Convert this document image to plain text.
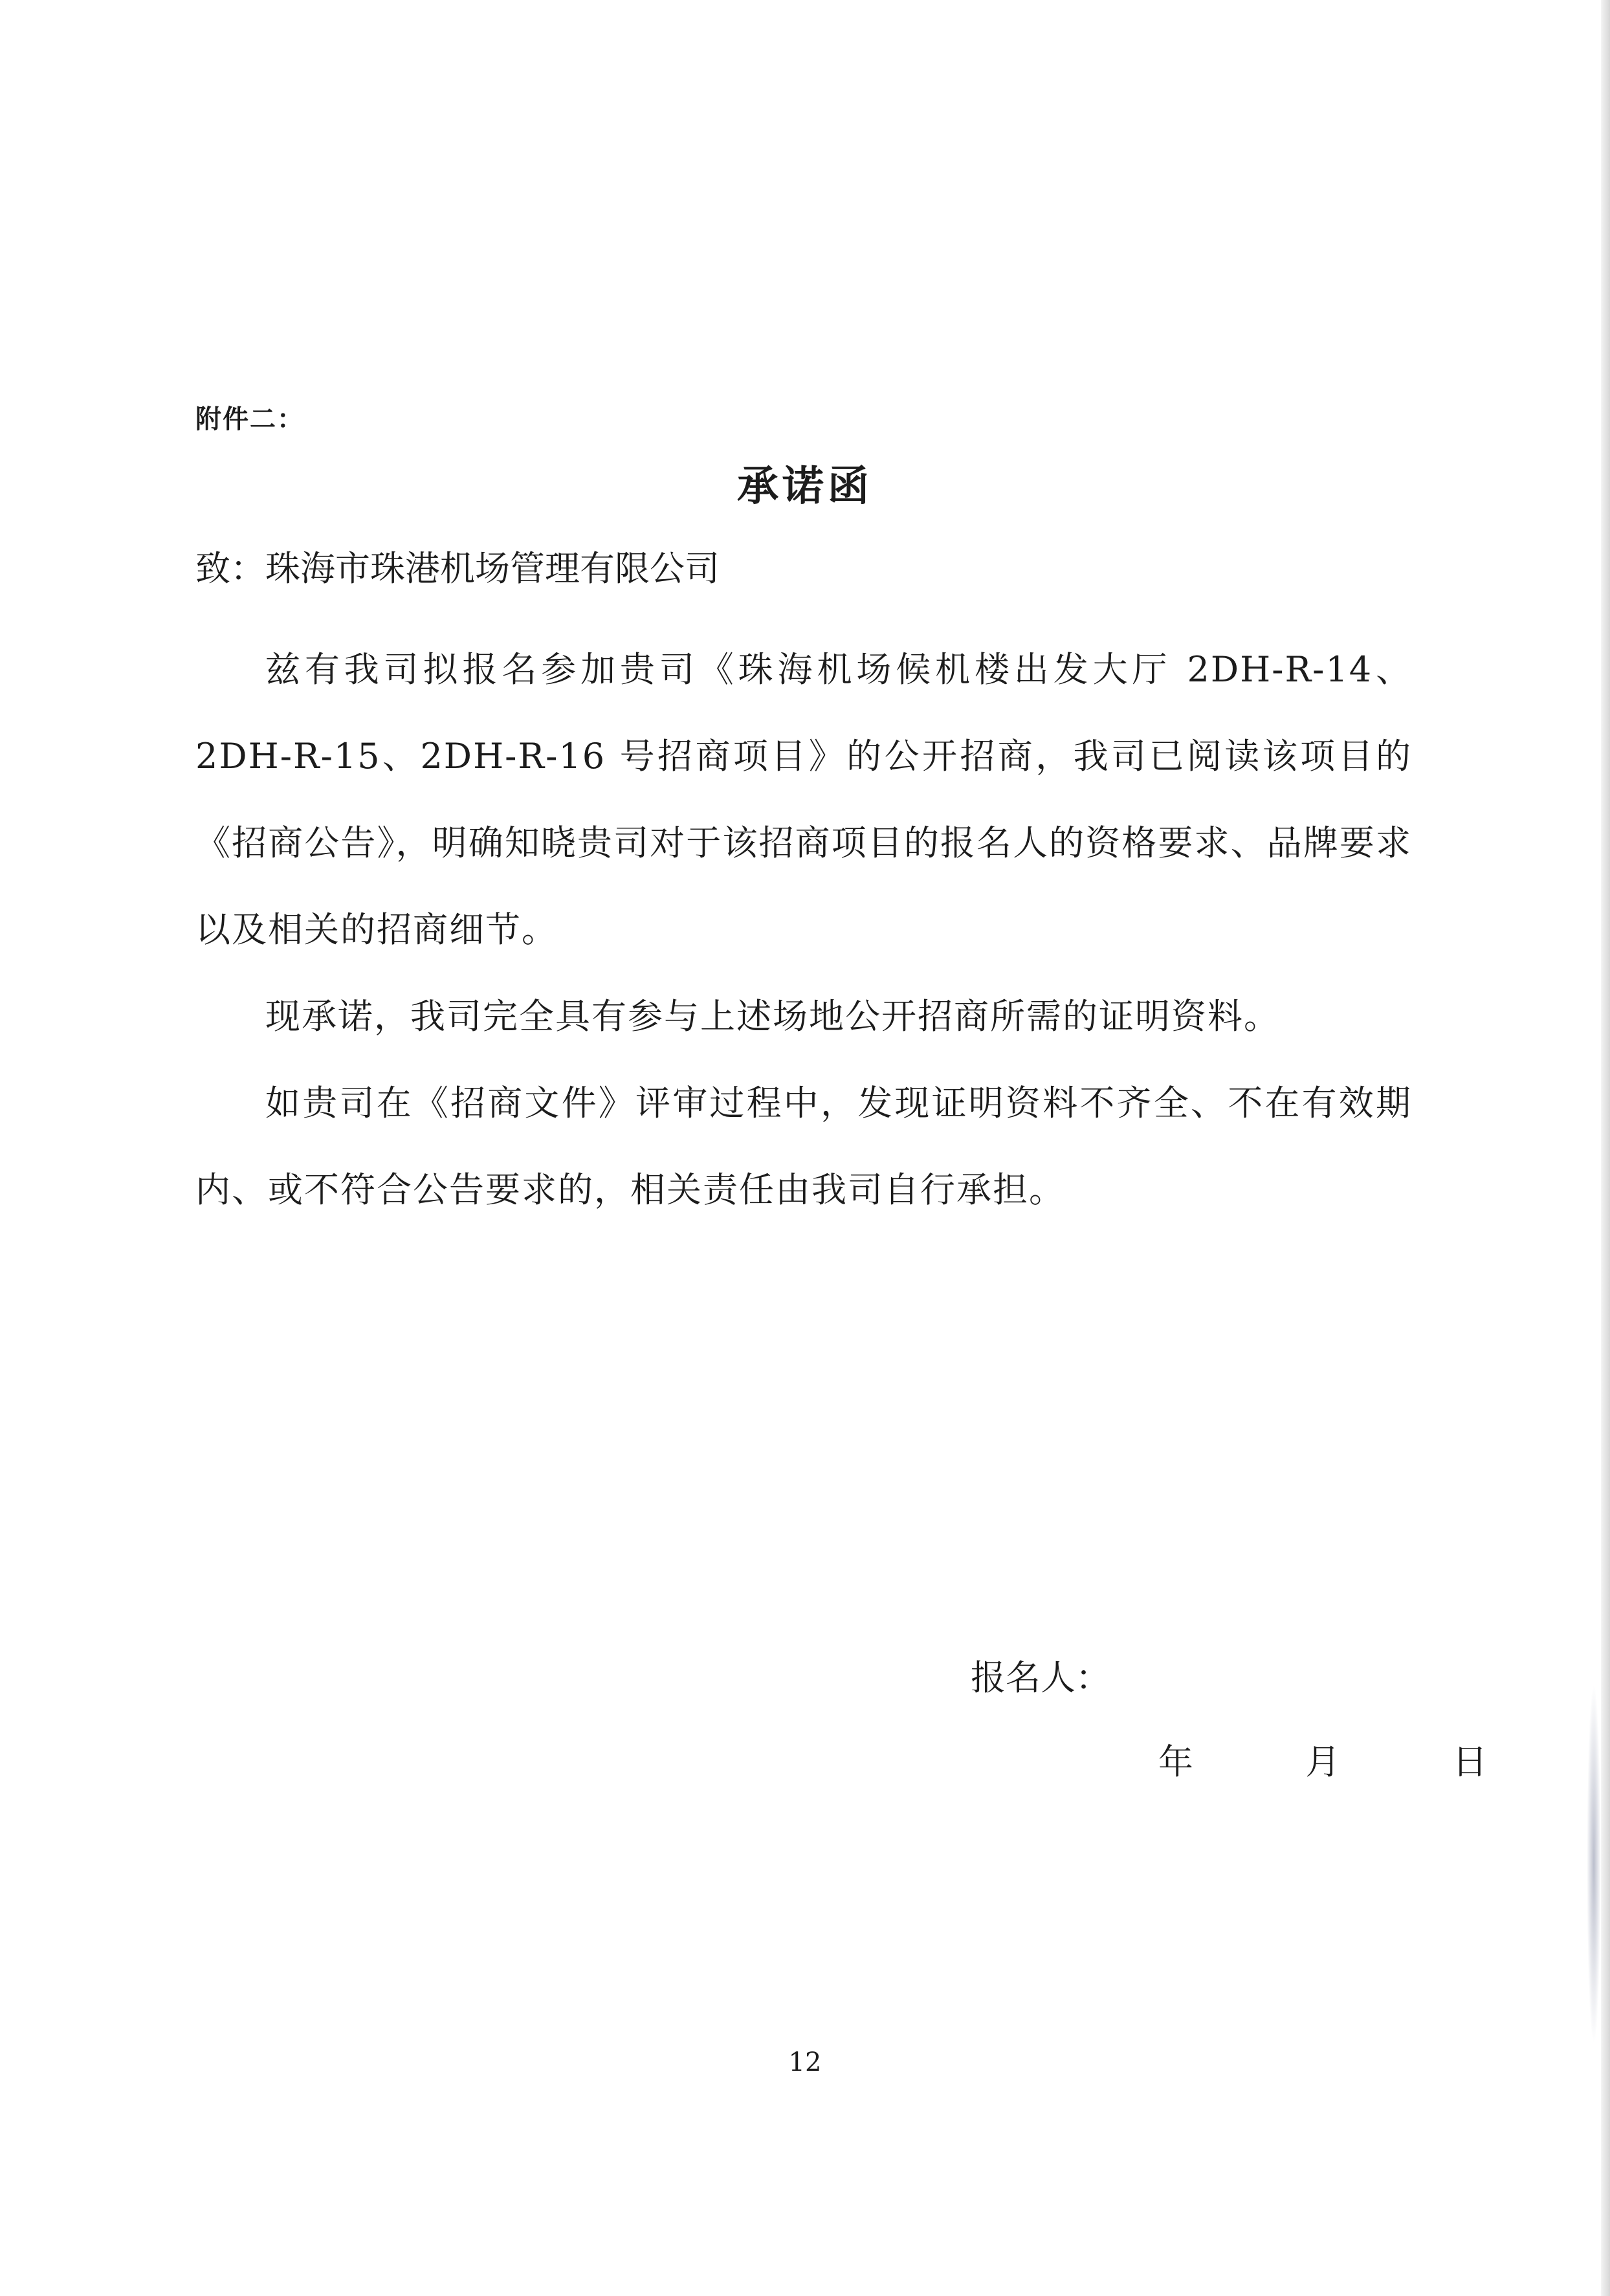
附件二：
承诺函
致：珠海市珠港机场管理有限公司

兹有我司拟报名参加贵司《珠海机场候机楼出发大厅 2DH-R-14、2DH-R-15、2DH-R-16 号招商项目》的公开招商，我司已阅读该项目的《招商公告》，明确知晓贵司对于该招商项目的报名人的资格要求、品牌要求以及相关的招商细节。

现承诺，我司完全具有参与上述场地公开招商所需的证明资料。

如贵司在《招商文件》评审过程中，发现证明资料不齐全、不在有效期内、或不符合公告要求的，相关责任由我司自行承担。

报名人：
年	月	日
12
